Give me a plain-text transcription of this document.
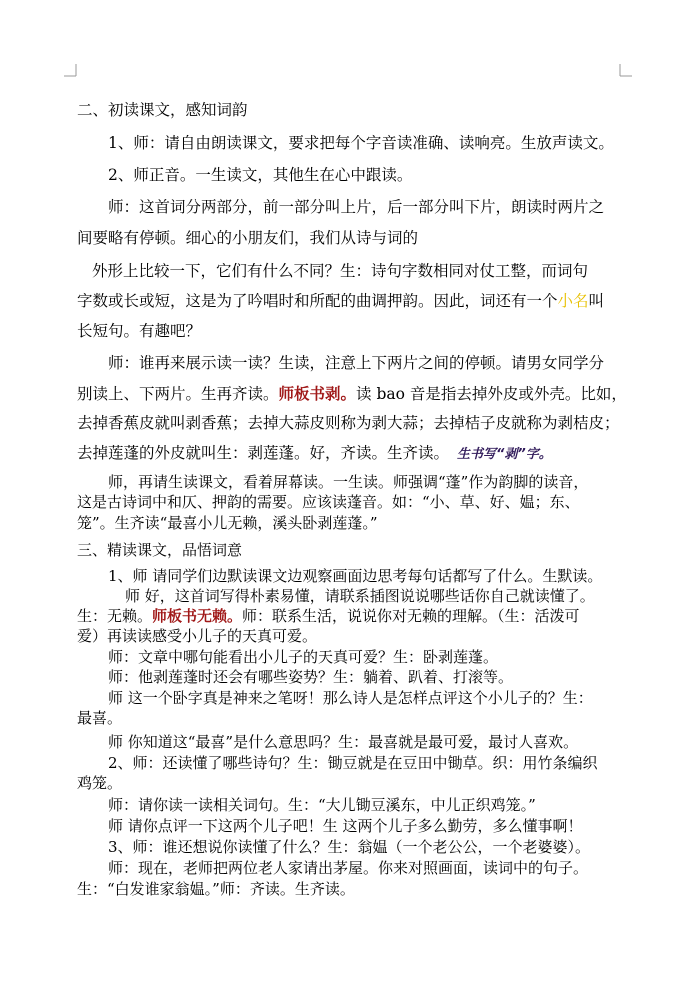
二、初读课文，感知词韵
1、师：请自由朗读课文，要求把每个字音读准确、读响亮。生放声读文。
2、师正音。一生读文，其他生在心中跟读。
师：这首词分两部分，前一部分叫上片，后一部分叫下片，朗读时两片之
间要略有停顿。细心的小朋友们，我们从诗与词的
外形上比较一下，它们有什么不同？生：诗句字数相同对仗工整，而词句
字数或长或短，这是为了吟唱时和所配的曲调押韵。因此，词还有一个小名叫
长短句。有趣吧？
师：谁再来展示读一读？生读，注意上下两片之间的停顿。请男女同学分
别读上、下两片。生再齐读。师板书剥。读 bao 音是指去掉外皮或外壳。比如，
去掉香蕉皮就叫剥香蕉；去掉大蒜皮则称为剥大蒜；去掉桔子皮就称为剥桔皮；
去掉莲蓬的外皮就叫生：剥莲蓬。好，齐读。生齐读。 生书写“剥”字。
师，再请生读课文，看着屏幕读。一生读。师强调“蓬”作为韵脚的读音，
这是古诗词中和仄、押韵的需要。应该读蓬音。如：“小、草、好、媪；东、
笼”。生齐读“最喜小儿无赖，溪头卧剥莲蓬。”
三、精读课文，品悟词意
1、师 请同学们边默读课文边观察画面边思考每句话都写了什么。生默读。
师 好，这首词写得朴素易懂，请联系插图说说哪些话你自己就读懂了。
生：无赖。师板书无赖。师：联系生活，说说你对无赖的理解。（生：活泼可
爱）再读读感受小儿子的天真可爱。
师：文章中哪句能看出小儿子的天真可爱？生：卧剥莲蓬。
师：他剥莲蓬时还会有哪些姿势？生：躺着、趴着、打滚等。
师 这一个卧字真是神来之笔呀！那么诗人是怎样点评这个小儿子的？生：
最喜。
师 你知道这“最喜”是什么意思吗？生：最喜就是最可爱，最讨人喜欢。
2、师：还读懂了哪些诗句？生：锄豆就是在豆田中锄草。织：用竹条编织
鸡笼。
师：请你读一读相关词句。生：“大儿锄豆溪东，中儿正织鸡笼。”
师 请你点评一下这两个儿子吧！生 这两个儿子多么勤劳，多么懂事啊！
3、师：谁还想说你读懂了什么？生：翁媪（一个老公公，一个老婆婆）。
师：现在，老师把两位老人家请出茅屋。你来对照画面，读词中的句子。
生：“白发谁家翁媪。”师：齐读。生齐读。
